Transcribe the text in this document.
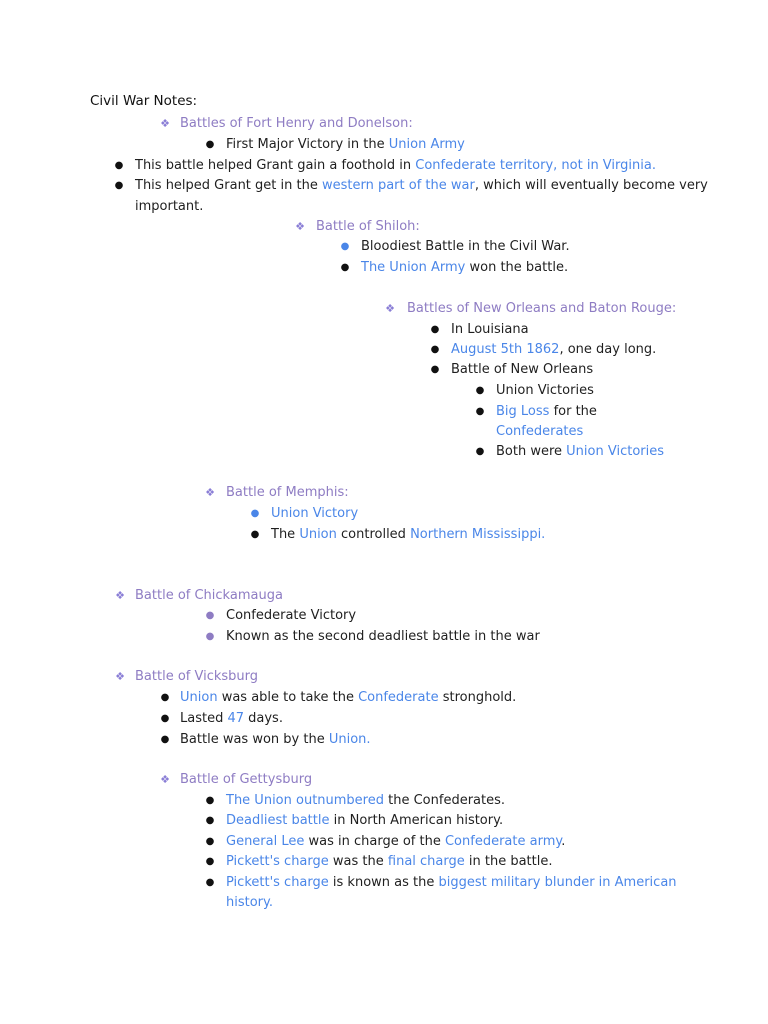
Civil War Notes:
❖ Battles of Fort Henry and Donelson:
● First Major Victory in the Union Army
● This battle helped Grant gain a foothold in Confederate territory, not in Virginia.
● This helped Grant get in the western part of the war, which will eventually become very
important.
❖ Battle of Shiloh:
● Bloodiest Battle in the Civil War.
● The Union Army won the battle.
❖ Battles of New Orleans and Baton Rouge:
● In Louisiana
● August 5th 1862, one day long.
● Battle of New Orleans
● Union Victories
● Big Loss for the
Confederates
● Both were Union Victories
❖ Battle of Memphis:
● Union Victory
● The Union controlled Northern Mississippi.
❖ Battle of Chickamauga
● Confederate Victory
● Known as the second deadliest battle in the war
❖ Battle of Vicksburg
● Union was able to take the Confederate stronghold.
● Lasted 47 days.
● Battle was won by the Union.
❖ Battle of Gettysburg
● The Union outnumbered the Confederates.
● Deadliest battle in North American history.
● General Lee was in charge of the Confederate army.
● Pickett's charge was the final charge in the battle.
● Pickett's charge is known as the biggest military blunder in American
history.
